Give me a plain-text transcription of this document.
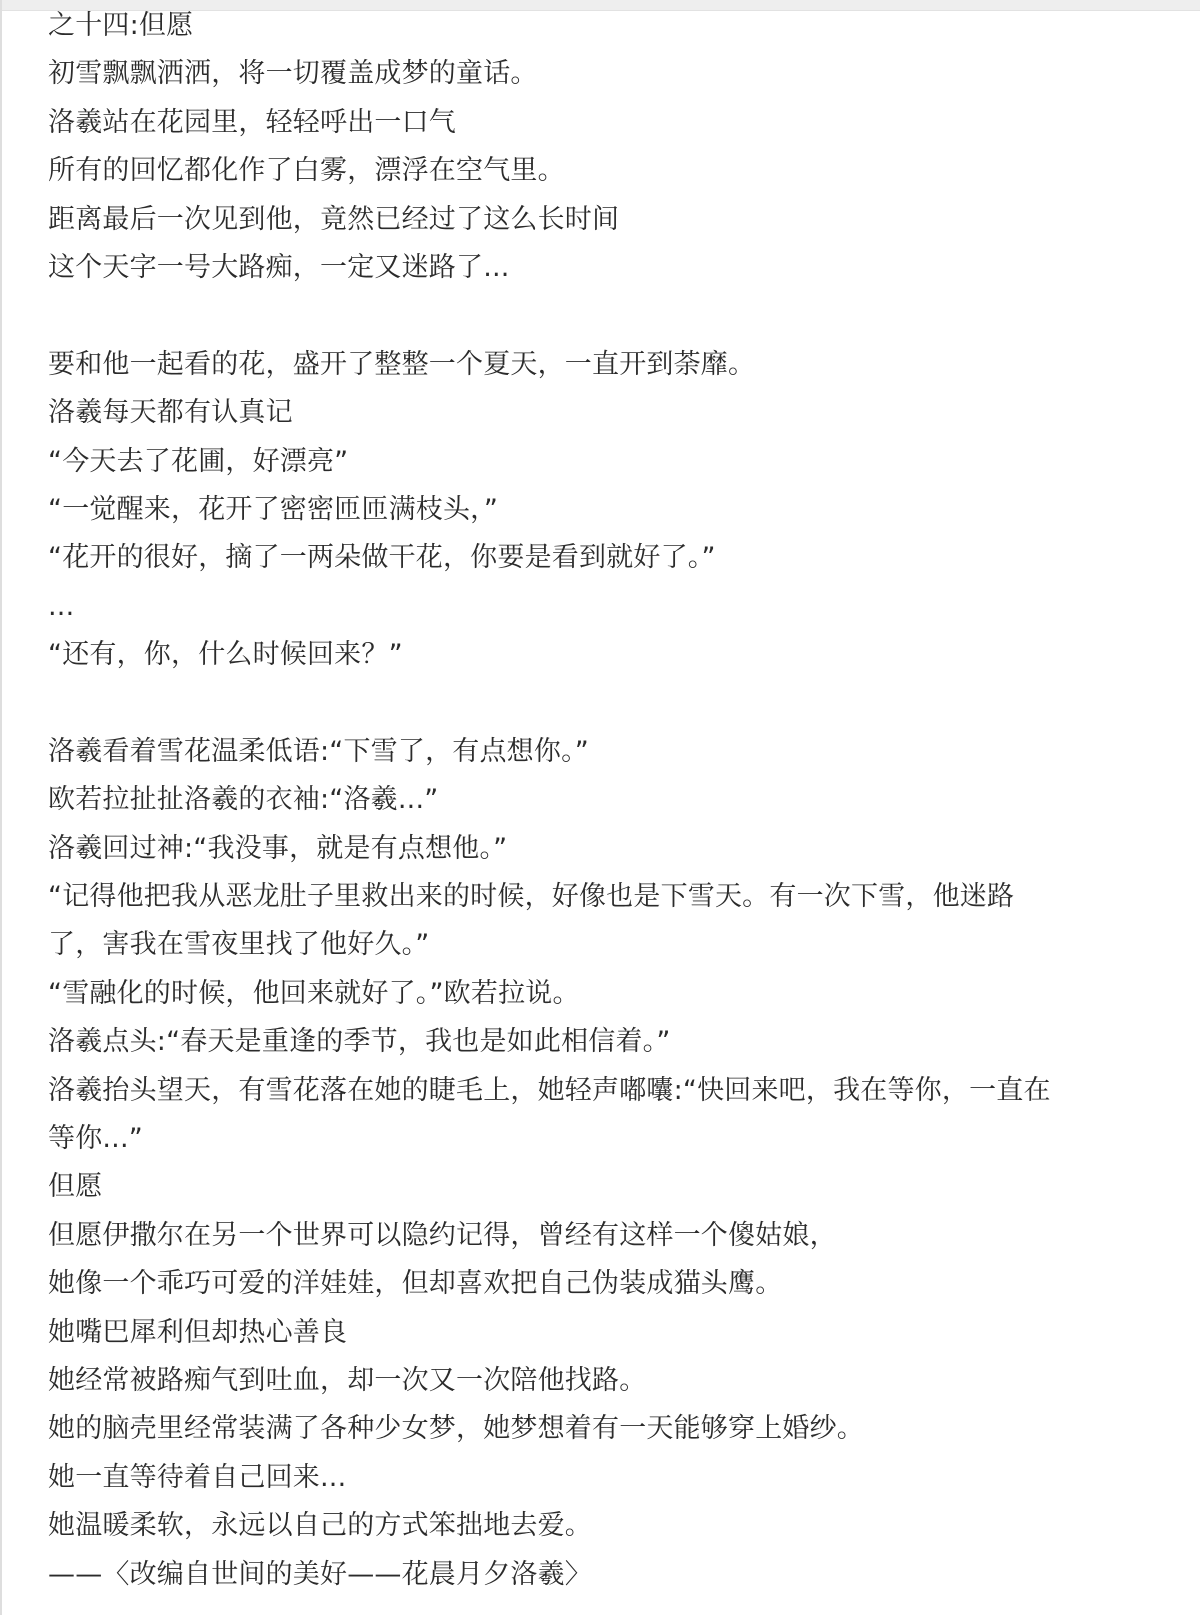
之十四:但愿
初雪飘飘洒洒，将一切覆盖成梦的童话。
洛羲站在花园里，轻轻呼出一口气
所有的回忆都化作了白雾，漂浮在空气里。
距离最后一次见到他，竟然已经过了这么长时间
这个天字一号大路痴，一定又迷路了...
要和他一起看的花，盛开了整整一个夏天，一直开到荼靡。
洛羲每天都有认真记
“今天去了花圃，好漂亮”
“一觉醒来，花开了密密匝匝满枝头，”
“花开的很好，摘了一两朵做干花，你要是看到就好了。”
...
“还有，你，什么时候回来？”
洛羲看着雪花温柔低语:“下雪了，有点想你。”
欧若拉扯扯洛羲的衣袖:“洛羲...”
洛羲回过神:“我没事，就是有点想他。”
“记得他把我从恶龙肚子里救出来的时候，好像也是下雪天。有一次下雪，他迷路
了，害我在雪夜里找了他好久。”
“雪融化的时候，他回来就好了。”欧若拉说。
洛羲点头:“春天是重逢的季节，我也是如此相信着。”
洛羲抬头望天，有雪花落在她的睫毛上，她轻声嘟囔:“快回来吧，我在等你，一直在
等你...”
但愿
但愿伊撒尔在另一个世界可以隐约记得，曾经有这样一个傻姑娘，
她像一个乖巧可爱的洋娃娃，但却喜欢把自己伪装成猫头鹰。
她嘴巴犀利但却热心善良
她经常被路痴气到吐血，却一次又一次陪他找路。
她的脑壳里经常装满了各种少女梦，她梦想着有一天能够穿上婚纱。
她一直等待着自己回来...
她温暖柔软，永远以自己的方式笨拙地去爱。
——〈改编自世间的美好——花晨月夕洛羲〉
